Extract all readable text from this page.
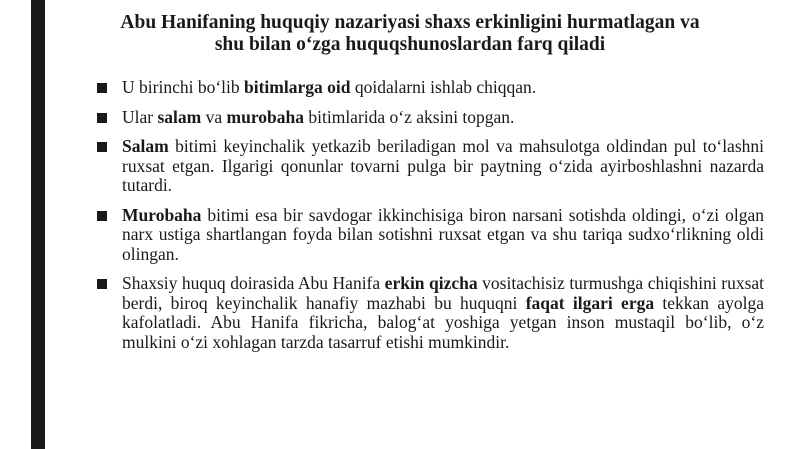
Abu Hanifaning huquqiy nazariyasi shaxs erkinligini hurmatlagan va
shu bilan oʻzga huquqshunoslardan farq qiladi
U birinchi boʻlib bitimlarga oid qoidalarni ishlab chiqqan.
Ular salam va murobaha bitimlarida oʻz aksini topgan.
Salam bitimi keyinchalik yetkazib beriladigan mol va mahsulotga oldindan pul toʻlashni ruxsat etgan. Ilgarigi qonunlar tovarni pulga bir paytning oʻzida ayirboshlashni nazarda tutardi.
Murobaha bitimi esa bir savdogar ikkinchisiga biron narsani sotishda oldingi, oʻzi olgan narx ustiga shartlangan foyda bilan sotishni ruxsat etgan va shu tariqa sudxoʻrlikning oldi olingan.
Shaxsiy huquq doirasida Abu Hanifa erkin qizcha vositachisiz turmushga chiqishini ruxsat berdi, biroq keyinchalik hanafiy mazhabi bu huquqni faqat ilgari erga tekkan ayolga kafolatladi. Abu Hanifa fikricha, balogʻat yoshiga yetgan inson mustaqil boʻlib, oʻz mulkini oʻzi xohlagan tarzda tasarruf etishi mumkindir.
